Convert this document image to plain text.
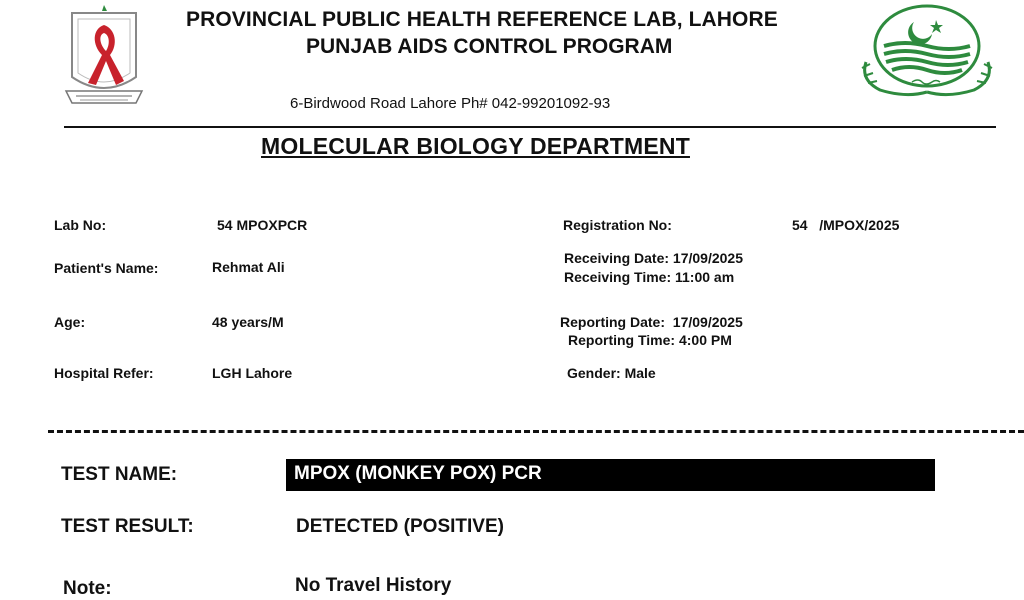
PROVINCIAL PUBLIC HEALTH REFERENCE LAB, LAHORE
PUNJAB AIDS CONTROL PROGRAM
6-Birdwood Road Lahore Ph# 042-99201092-93
MOLECULAR BIOLOGY DEPARTMENT
Lab No:	54 MPOXPCR
Patient's Name:	Rehmat Ali
Age:	48 years/M
Hospital Refer:	LGH Lahore
Registration No:	54   /MPOX/2025
Receiving Date: 17/09/2025
Receiving Time: 11:00 am
Reporting Date:  17/09/2025
Reporting Time: 4:00 PM
Gender: Male
TEST NAME:	MPOX (MONKEY POX) PCR
TEST RESULT:	DETECTED (POSITIVE)
Note:	No Travel History
